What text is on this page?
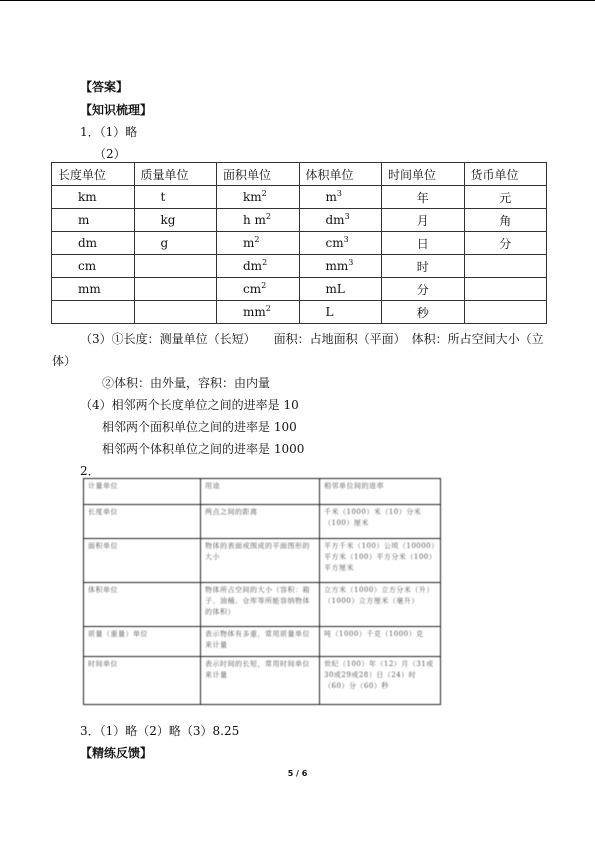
【答案】
【知识梳理】
1．（1）略
（2）
长度单位	质量单位	面积单位	体积单位	时间单位	货币单位
km	t	$km^2$	$m^3$	年	元
m	kg	h $m^2$	$dm^3$	月	角
dm	g	$m^2$	$cm^3$	日	分
cm		$dm^2$	$mm^3$	时	
mm		$cm^2$	mL	分	
		$mm^2$	L	秒	
（3）①长度：测量单位（长短）　　面积：占地面积（平面）　体积：所占空间大小（立
体）
②体积：由外量，容积：由内量
（4）相邻两个长度单位之间的进率是 10
相邻两个面积单位之间的进率是 100
相邻两个体积单位之间的进率是 1000
2．
计量单位	用途	相邻单位间的进率
长度单位	两点之间的距离	千米（1000）米（10）分米（100）厘米
面积单位	物体的表面或围成的平面图形的大小	平方千米（100）公顷（10000）平方米（100）平方分米（100）平方厘米
体积单位	物体所占空间的大小（容积：箱子、油桶、仓库等所能容纳物体的体积）	立方米（1000）立方分米（升）（1000）立方厘米（毫升）
质量（重量）单位	表示物体有多重，常用质量单位来计量	吨（1000）千克（1000）克
时间单位	表示时间的长短，常用时间单位来计量	世纪（100）年（12）月（31或30或29或28）日（24）时（60）分（60）秒
3．（1）略（2）略（3）8.25
【精练反馈】
5 / 6
